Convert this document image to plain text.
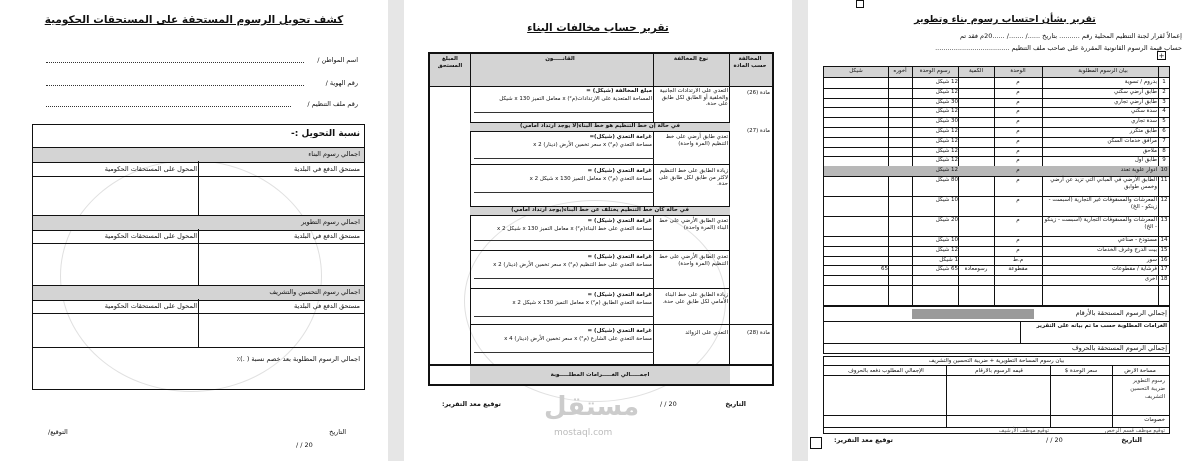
كشف تحويل الرسوم المستحقة على المستحقات الحكومية
اسم المواطن /
رقم الهوية /
رقم ملف التنظيم /
نسبة التحويل :-
اجمالي رسوم البناء
مستحق الدفع في البلدية
المحول على المستحقات الحكومية
اجمالي رسوم التطوير
مستحق الدفع في البلدية
المحول على المستحقات الحكومية
اجمالي رسوم التحسين والتشريف
مستحق الدفع في البلدية
المحول على المستحقات الحكومية
اجمالي الرسوم المطلوبة بعد خصم نسبة ( .)٪
التاريخ
/ / 20
التوقيع/
تقرير حساب مخالفات البناء
المخالفة حسب المادة
نوع المخالفة
القانـــــون
المبلغ المستحق
مادة (26)
التعدي على الارتدادات الجانبية والخلفية أو الطابق لكل طابق على حدة.
مبلغ المخالفة (شيكل) =
المساحة المتعدية على الارتدادات(م²) x معامل التميز x 130 شيكل
في حالة إن خط التنظيم هو خط البناء(لا يوجد ارتداد امامي)
مادة (27)
تعدي طابق أرضي على خط التنظيم (المرة واحدة)
غرامة التعدي (شيكل)=
مساحة التعدي (م²) x سعر تخمين الأرض (دينار) x 2
زيادة الطابق على خط التنظيم لاكثر من طابق لكل طابق على حدة.
غرامة التعدي (شيكل) =
مساحة التعدي (م²) x معامل التميز x 130 شيكل x 2
في حالة كان خط التنظيم يختلف عن خط البناء(يوجد ارتداد امامي)
تعدي الطابق الأرضي على خط البناء (المرة واحدة)
غرامة التعدي (شيكل) =
مساحة التعدي على خط البناء(م²) x معامل التميز x 130 شيكل x 2
تعدي الطابق الأرضي على خط التنظيم (المرة واحدة)
غرامة التعدي (شيكل) =
مساحة التعدي على خط التنظيم (م²) x سعر تخمين الأرض (دينار) x 2
زيادة الطابق على خط البناء الأمامي لكل طابق على حدة.
غرامة التعدي (شيكل) =
مساحة التعدي الطابق (م²) x معامل التميز x 130 شيكل x 2
مادة (28)
التعدي على الزوائد
غرامة التعدي (شيكل) =
مساحة التعدي على الشارع (م²) x سعر تخمين الأرض (دينار) x 4
اجمـــــالي الغـــــرامات المطلـــــوبة
التاريخ
/ / 20
توقيع معد التقرير: مستقل
mostaql.com
تقرير بشأن احتساب رسوم بناء وتطوير
إعمالاً لقرار لجنة التنظيم المحلية رقم .......... بتاريخ ....../ ......./ ......20م فقد تم
حساب قيمة الرسوم القانونية المقررة على صاحب ملف التنظيم ....................................
+
بيان الرسوم المطلوبة
الوحدة
الكمية
رسوم الوحدة
أخوره
شيكل
1
بدروم / تسوية
م
12 شيكل
2
طابق أرضي سكني
م
12 شيكل
3
طابق أرضي تجاري
م
30 شيكل
4
سدة سكني
م
12 شيكل
5
سدة تجاري
م
30 شيكل
6
طابق متكرر
م
12 شيكل
7
مرافق خدمات السكن
م
12 شيكل
8
ملاحق
م
12 شيكل
9
طابق اول
م
12 شيكل
10
ادوار علوية تعدد
م
12 شيكل
11
الطابق الأرضي في المباني التي تزيد عن أرضي وخمس طوابق
م
80 شيكل
12
المعرشات والمسقوفات غير التجارية (اسبست - زينكو - الخ)
م
10 شيكل
13
المعرشات والمسقوفات التجارية (اسبست - زينكو - الخ)
م
20 شيكل
14
مستودع - صناعي
م
10 شيكل
15
بيت الدرج وغرف الخدمات
م
12 شيكل
16
سور
م.ط
1 شيكل
17
فرشاية / مقطوعات
مقطوعة
رسومعادة
65 شيكل
65
18
اخرى
إجمالي الرسوم المستحقة بالأرقام
الغرامات المطلوبة حسب ما تم بيانه على التقرير
إجمالي الرسوم المستحقة بالحروف
بيان رسوم المساحة التطويرية + ضريبة التحسين والتشريف
مساحة الارض
سعر الوحدة $
قيمه الرسوم بالارقام
الإجمالي المطلوب دفعه بالحروف
رسوم التطوير
ضريبة التحسين
التشريف
خصومات
توقيع موظف قسم الرخص
توقيع موظف الأرشيف
التاريخ
/ / 20
توقيع معد التقرير:
